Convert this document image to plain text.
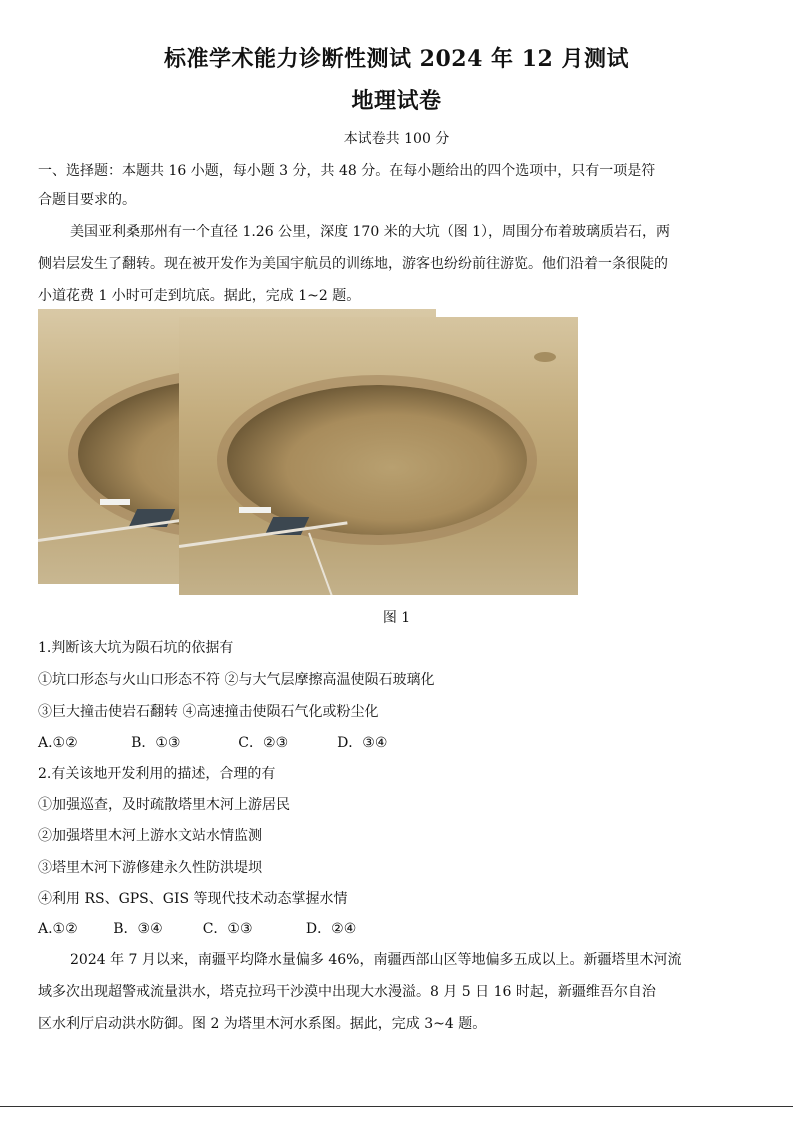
标准学术能力诊断性测试 2024 年 12 月测试
地理试卷
本试卷共 100 分
一、选择题：本题共 16 小题，每小题 3 分，共 48 分。在每小题给出的四个选项中，只有一项是符
合题目要求的。
美国亚利桑那州有一个直径 1.26 公里，深度 170 米的大坑（图 1），周围分布着玻璃质岩石，两
侧岩层发生了翻转。现在被开发作为美国宇航员的训练地，游客也纷纷前往游览。他们沿着一条很陡的
小道花费 1 小时可走到坑底。据此，完成 1~2 题。
图 1
1.判断该大坑为陨石坑的依据有
①坑口形态与火山口形态不符 ②与大气层摩擦高温使陨石玻璃化
③巨大撞击使岩石翻转 ④高速撞击使陨石气化或粉尘化
A.①②            B．①③             C．②③           D．③④
2.有关该地开发利用的描述，合理的有
①加强巡查，及时疏散塔里木河上游居民
②加强塔里木河上游水文站水情监测
③塔里木河下游修建永久性防洪堤坝
④利用 RS、GPS、GIS 等现代技术动态掌握水情
A.①②        B．③④         C．①③            D．②④
2024 年 7 月以来，南疆平均降水量偏多 46%，南疆西部山区等地偏多五成以上。新疆塔里木河流
域多次出现超警戒流量洪水，塔克拉玛干沙漠中出现大水漫溢。8 月 5 日 16 时起，新疆维吾尔自治
区水利厅启动洪水防御。图 2 为塔里木河水系图。据此，完成 3~4 题。
